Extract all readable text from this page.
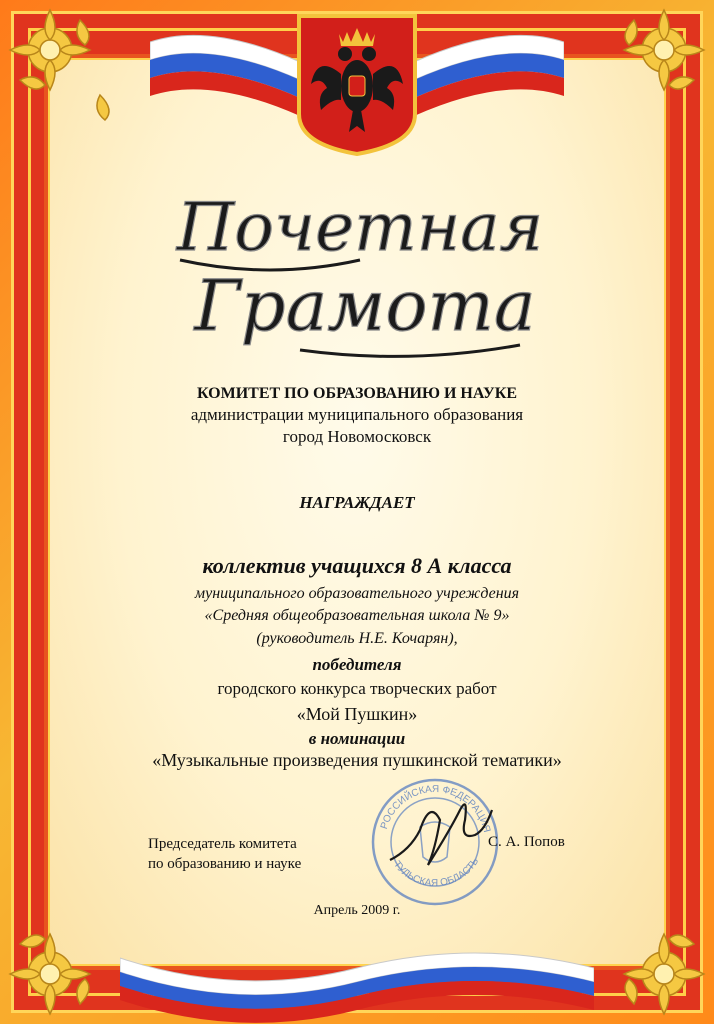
Почетная
Грамота
КОМИТЕТ ПО ОБРАЗОВАНИЮ И НАУКЕ
администрации муниципального образования
город Новомосковск
НАГРАЖДАЕТ
коллектив учащихся 8 А класса
муниципального образовательного учреждения
«Средняя общеобразовательная школа № 9»
(руководитель Н.Е. Кочарян),
победителя
городского конкурса творческих работ
«Мой Пушкин»
в номинации
«Музыкальные произведения пушкинской тематики»
РОССИЙСКАЯ ФЕДЕРАЦИЯ
ТУЛЬСКАЯ ОБЛАСТЬ
Председатель комитета
по образованию и науке
С. А. Попов
Апрель 2009 г.
